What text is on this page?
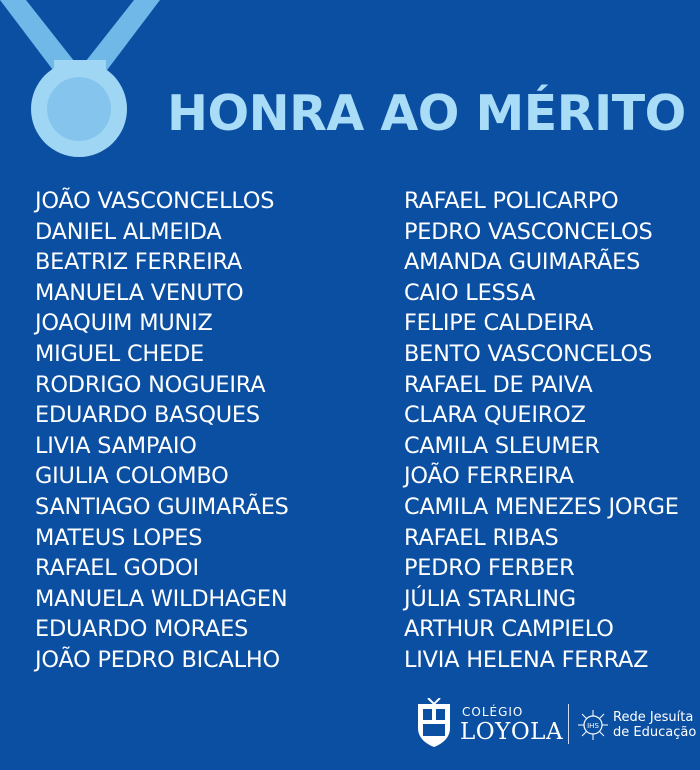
HONRA AO MÉRITO
JOÃO VASCONCELLOS
DANIEL ALMEIDA
BEATRIZ FERREIRA
MANUELA VENUTO
JOAQUIM MUNIZ
MIGUEL CHEDE
RODRIGO NOGUEIRA
EDUARDO BASQUES
LIVIA SAMPAIO
GIULIA COLOMBO
SANTIAGO GUIMARÃES
MATEUS LOPES
RAFAEL GODOI
MANUELA WILDHAGEN
EDUARDO MORAES
JOÃO PEDRO BICALHO
RAFAEL POLICARPO
PEDRO VASCONCELOS
AMANDA GUIMARÃES
CAIO LESSA
FELIPE CALDEIRA
BENTO VASCONCELOS
RAFAEL DE PAIVA
CLARA QUEIROZ
CAMILA SLEUMER
JOÃO FERREIRA
CAMILA MENEZES JORGE
RAFAEL RIBAS
PEDRO FERBER
JÚLIA STARLING
ARTHUR CAMPIELO
LIVIA HELENA FERRAZ
COLÉGIO
LOYOLA	IHS
Rede Jesuíta
de Educação
